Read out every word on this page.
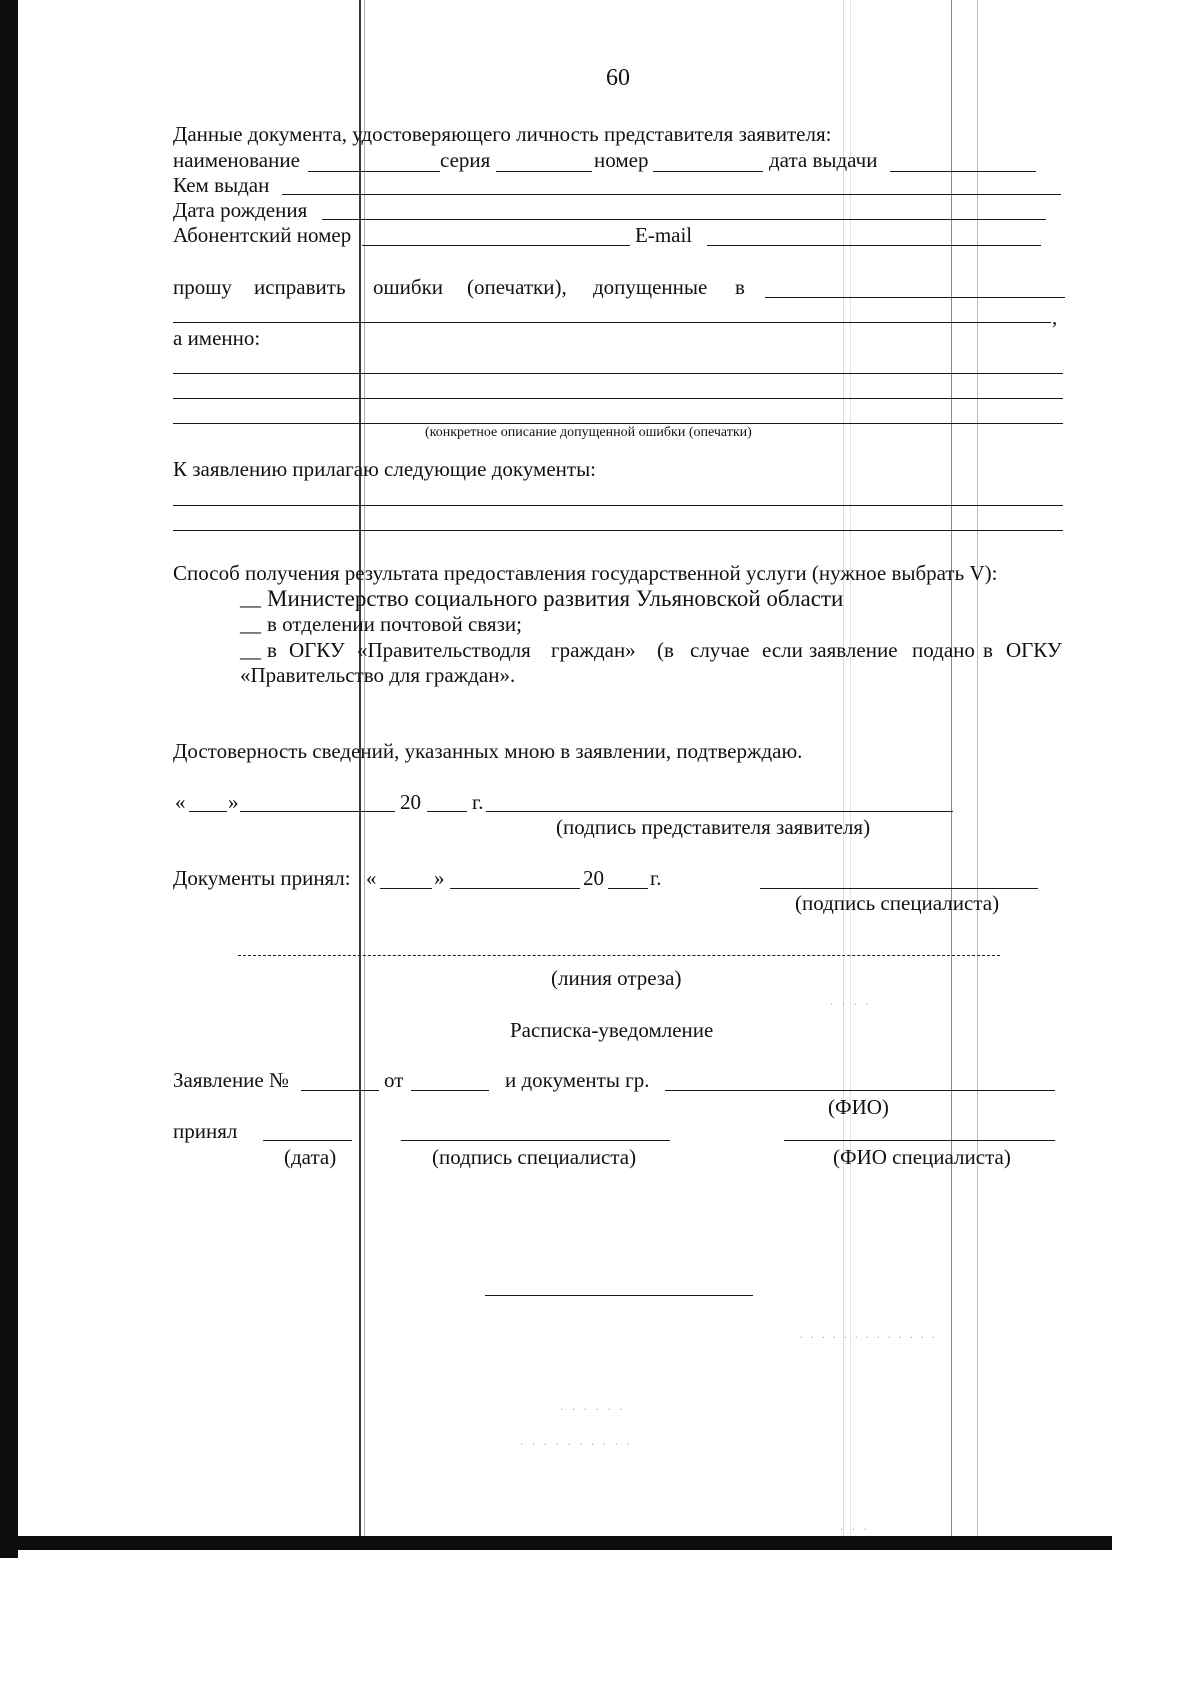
· · · ·
. . . . . . . . . . . . .
· · · · · ·
· · · · · · · · · ·
· · ·
60
Данные документа, удостоверяющего личность представителя заявителя:
наименование	серия	номер	дата выдачи
Кем выдан
Дата рождения
Абонентский номер	E-mail
прошу исправить ошибки (опечатки), допущенные в
,
а именно:
(конкретное описание допущенной ошибки (опечатки)
К заявлению прилагаю следующие документы:
Способ получения результата предоставления государственной услуги (нужное выбрать V):
__ Министерство социального развития Ульяновской области
__ в отделении почтовой связи;
__ в ОГКУ «Правительство для граждан» (в случае если заявление подано в ОГКУ
«Правительство для граждан».
Достоверность сведений, указанных мною в заявлении, подтверждаю.
« »	20 г.
(подпись представителя заявителя)
Документы принял: «	»	20 г.
(подпись специалиста)
(линия отреза)
Расписка-уведомление
Заявление №	от	и документы гр.
(ФИО)
принял
(дата)	(подпись специалиста)	(ФИО специалиста)
